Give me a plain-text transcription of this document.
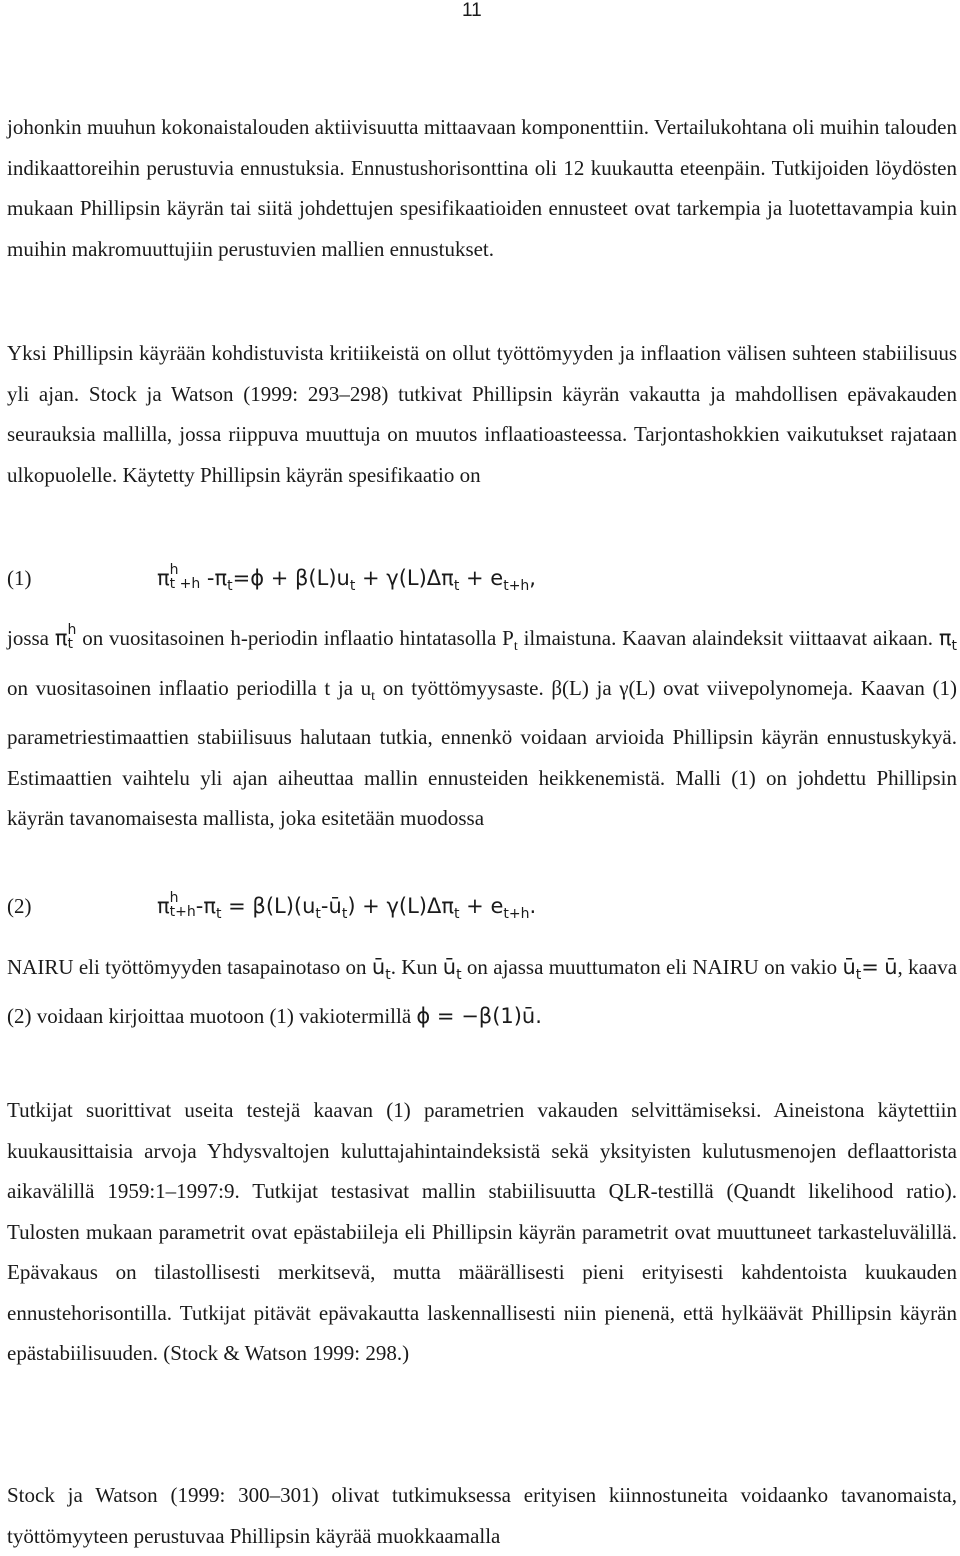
11

johonkin muuhun kokonaistalouden aktiivisuutta mittaavaan komponenttiin. Vertailukohtana oli muihin talouden indikaattoreihin perustuvia ennustuksia. Ennustushorisonttina oli 12 kuukautta eteenpäin. Tutkijoiden löydösten mukaan Phillipsin käyrän tai siitä johdettujen spesifikaatioiden ennusteet ovat tarkempia ja luotettavampia kuin muihin makromuuttujiin perustuvien mallien ennustukset.

Yksi Phillipsin käyrään kohdistuvista kritiikeistä on ollut työttömyyden ja inflaation välisen suhteen stabiilisuus yli ajan. Stock ja Watson (1999: 293‒298) tutkivat Phillipsin käyrän vakautta ja mahdollisen epävakauden seurauksia mallilla, jossa riippuva muuttuja on muutos inflaatioasteessa. Tarjontashokkien vaikutukset rajataan ulkopuolelle. Käytetty Phillipsin käyrän spesifikaatio on

(1)	π h
t +h $-\pi_t=\phi + \beta(L)u_t + \gamma(L)\Delta\pi_t + e_{t+h}$,

jossa π h
t on vuositasoinen h-periodin inflaatio hintatasolla $P_t$ ilmaistuna. Kaavan alaindeksit viittaavat aikaan. $\pi_t$ on vuositasoinen inflaatio periodilla t ja $u_t$ on työttömyysaste. β(L) ja γ(L) ovat viivepolynomeja. Kaavan (1) parametriestimaattien stabiilisuus halutaan tutkia, ennenkö voidaan arvioida Phillipsin käyrän ennustuskykyä. Estimaattien vaihtelu yli ajan aiheuttaa mallin ennusteiden heikkenemistä. Malli (1) on johdettu Phillipsin käyrän tavanomaisesta mallista, joka esitetään muodossa

(2)	π h
t+h $-\pi_t$ = $\beta(L)(u_t-ū_t) + \gamma(L)\Delta\pi_t + e_{t+h}$.

NAIRU eli työttömyyden tasapainotaso on $ū_t$. Kun $ū_t$ on ajassa muuttumaton eli NAIRU on vakio $ū_t=$ ū, kaava (2) voidaan kirjoittaa muotoon (1) vakiotermillä ϕ = −β(1)ū.

Tutkijat suorittivat useita testejä kaavan (1) parametrien vakauden selvittämiseksi. Aineistona käytettiin kuukausittaisia arvoja Yhdysvaltojen kuluttajahintaindeksistä sekä yksityisten kulutusmenojen deflaattorista aikavälillä 1959:1‒1997:9. Tutkijat testasivat mallin stabiilisuutta QLR-testillä (Quandt likelihood ratio). Tulosten mukaan parametrit ovat epästabiileja eli Phillipsin käyrän parametrit ovat muuttuneet tarkasteluvälillä. Epävakaus on tilastollisesti merkitsevä, mutta määrällisesti pieni erityisesti kahdentoista kuukauden ennustehorisontilla. Tutkijat pitävät epävakautta laskennallisesti niin pienenä, että hylkäävät Phillipsin käyrän epästabiilisuuden. (Stock & Watson 1999: 298.)

Stock ja Watson (1999: 300‒301) olivat tutkimuksessa erityisen kiinnostuneita voidaanko tavanomaista, työttömyyteen perustuvaa Phillipsin käyrää muokkaamalla
